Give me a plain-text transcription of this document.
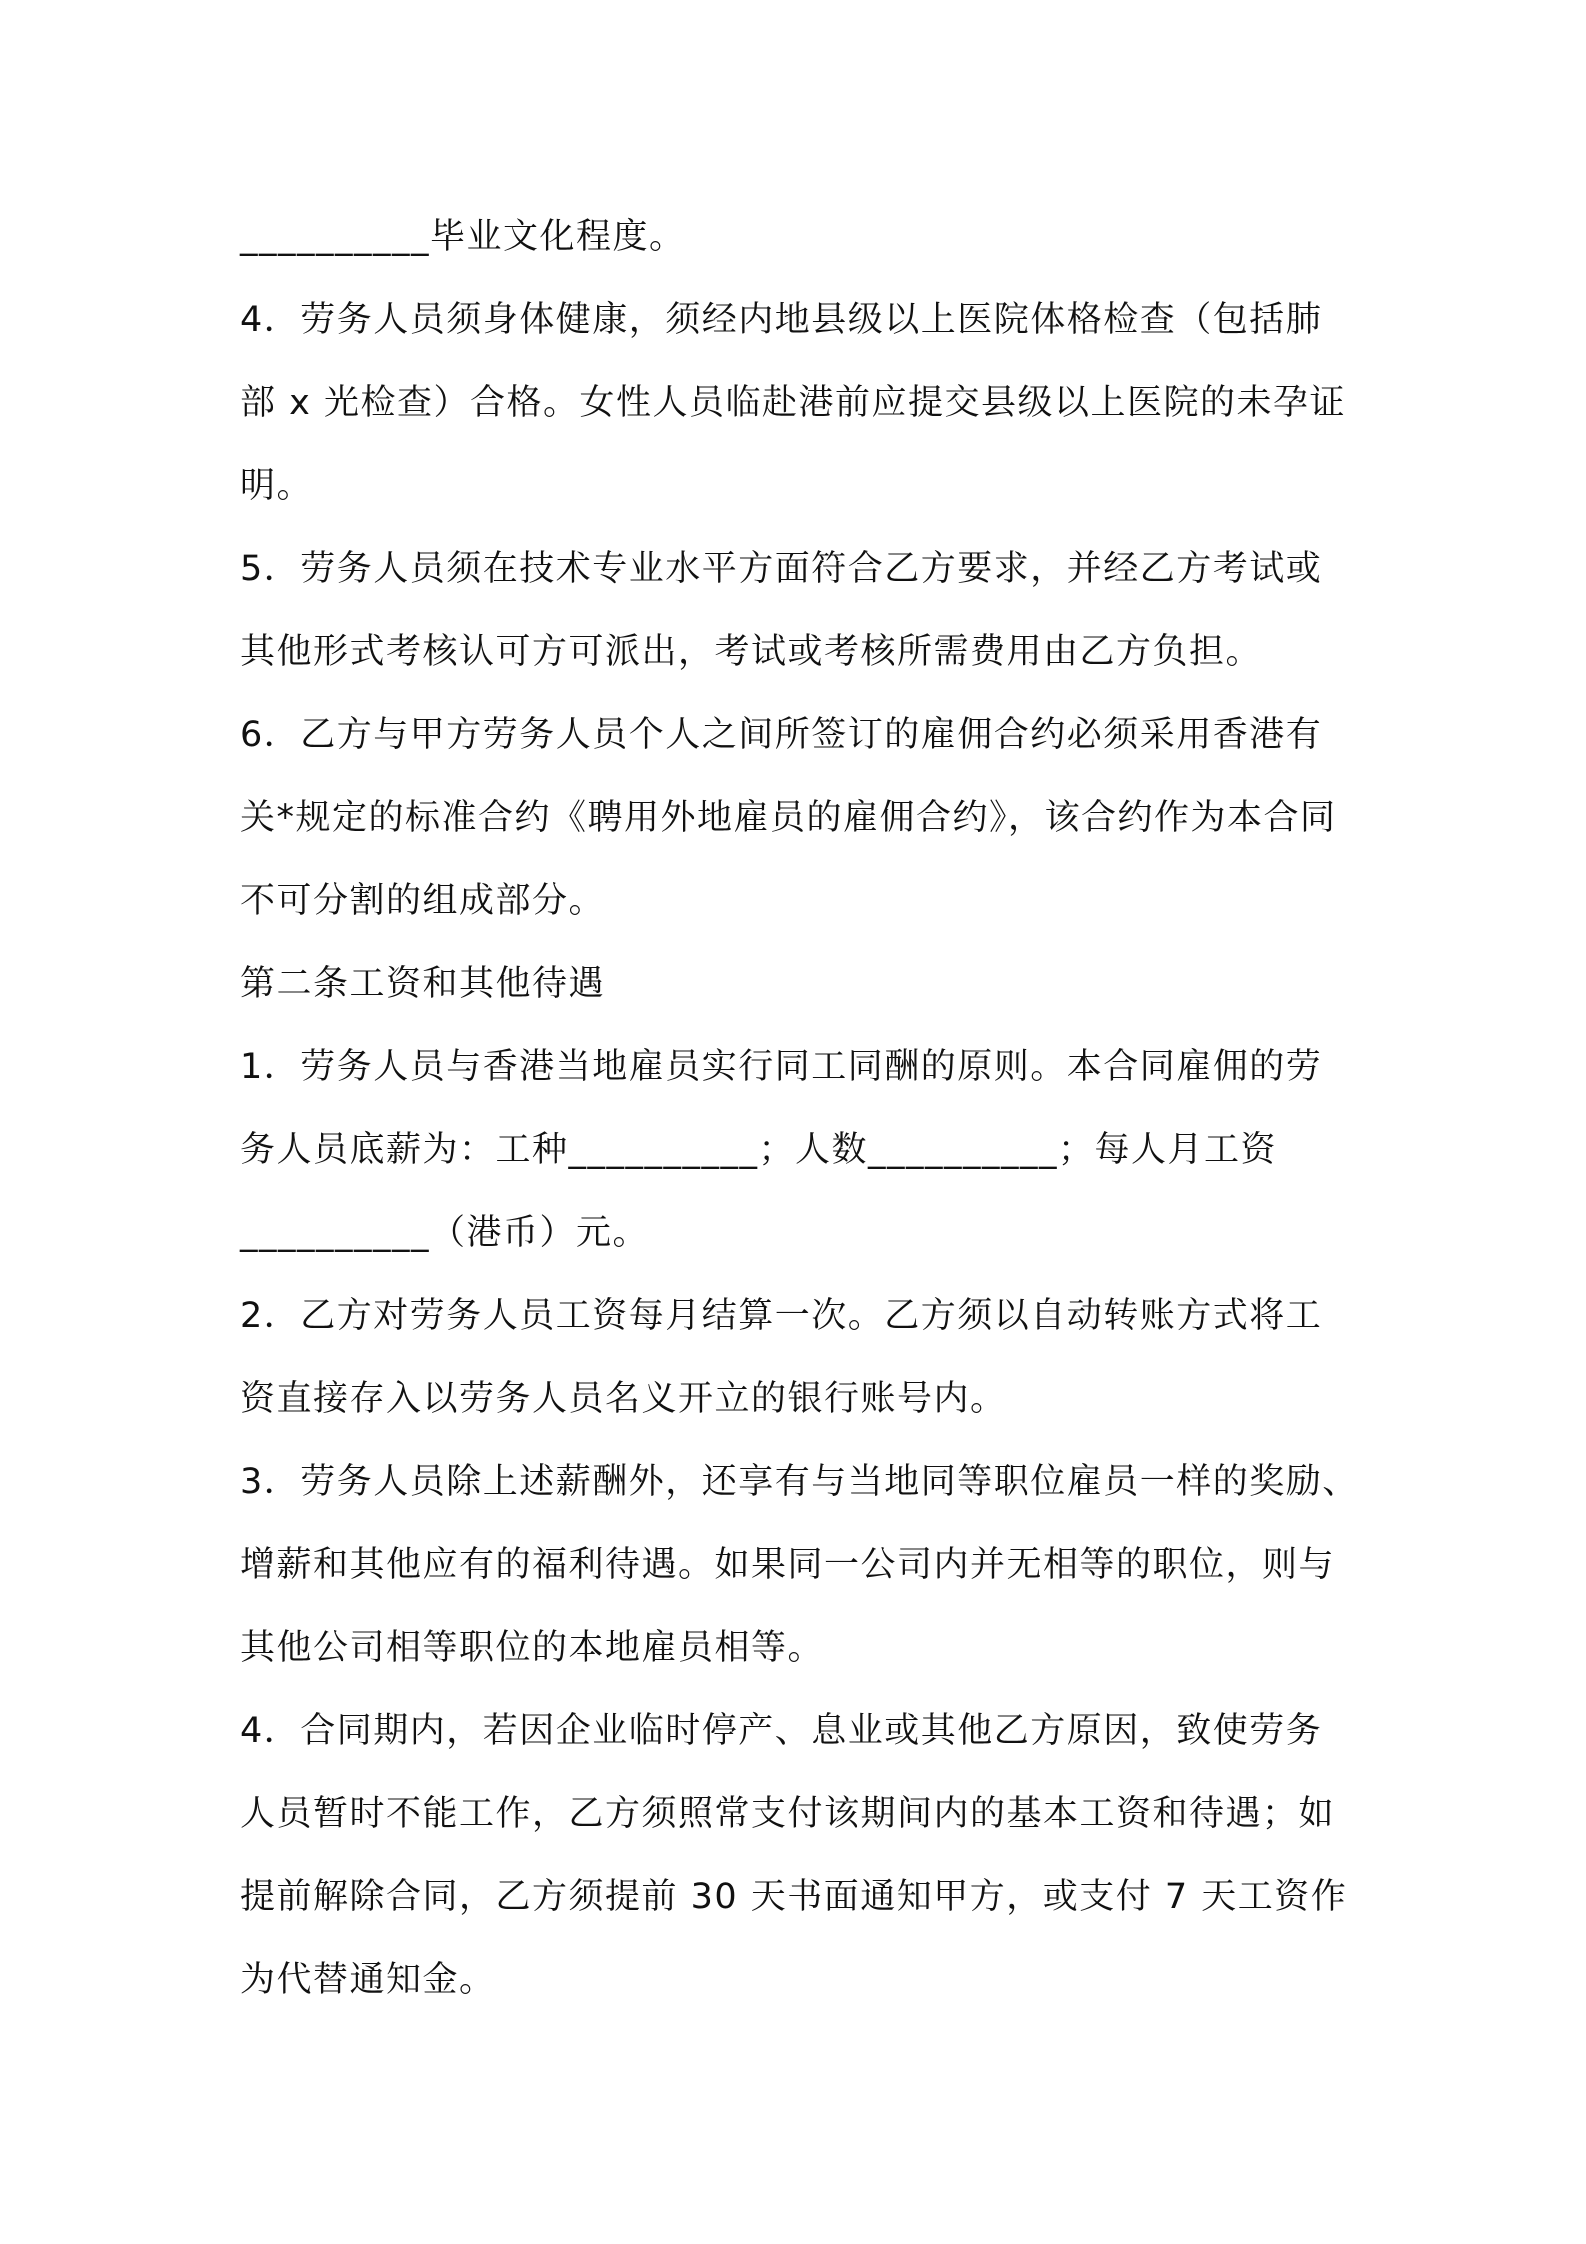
__________毕业文化程度。

4．劳务人员须身体健康，须经内地县级以上医院体格检查（包括肺
部 x 光检查）合格。女性人员临赴港前应提交县级以上医院的未孕证
明。

5．劳务人员须在技术专业水平方面符合乙方要求，并经乙方考试或
其他形式考核认可方可派出，考试或考核所需费用由乙方负担。

6．乙方与甲方劳务人员个人之间所签订的雇佣合约必须采用香港有
关*规定的标准合约《聘用外地雇员的雇佣合约》，该合约作为本合同
不可分割的组成部分。

第二条工资和其他待遇

1．劳务人员与香港当地雇员实行同工同酬的原则。本合同雇佣的劳
务人员底薪为：工种__________；人数__________；每人月工资
__________（港币）元。

2．乙方对劳务人员工资每月结算一次。乙方须以自动转账方式将工
资直接存入以劳务人员名义开立的银行账号内。

3．劳务人员除上述薪酬外，还享有与当地同等职位雇员一样的奖励、
增薪和其他应有的福利待遇。如果同一公司内并无相等的职位，则与
其他公司相等职位的本地雇员相等。

4．合同期内，若因企业临时停产、息业或其他乙方原因，致使劳务
人员暂时不能工作，乙方须照常支付该期间内的基本工资和待遇；如
提前解除合同，乙方须提前 30 天书面通知甲方，或支付 7 天工资作
为代替通知金。
